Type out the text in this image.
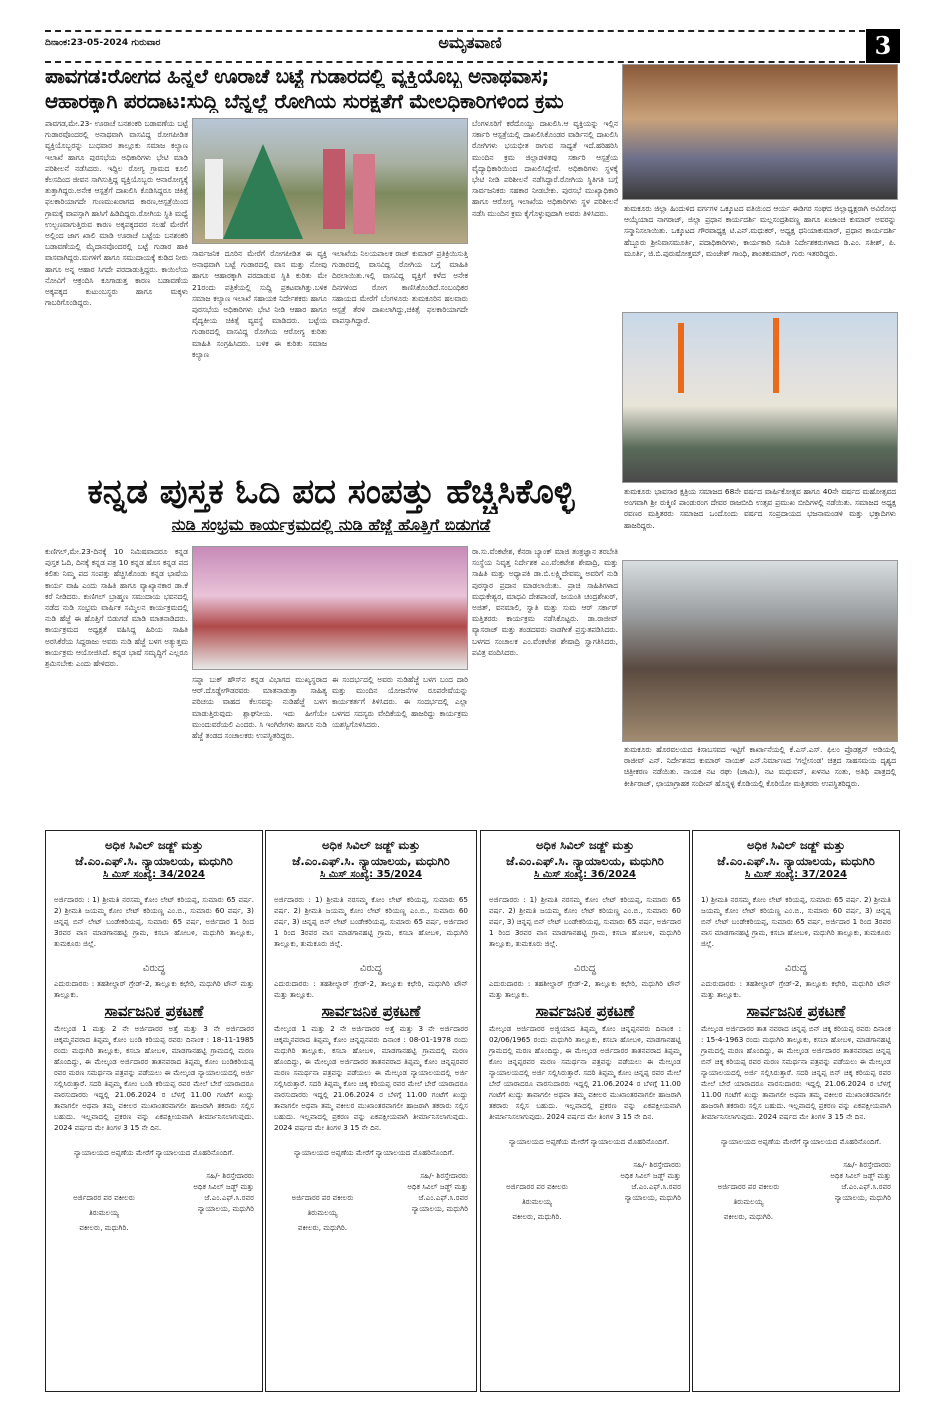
ದಿನಾಂಕ:23-05-2024 ಗುರುವಾರ	ಅಮೃತವಾಣಿ	3
ಪಾವಗಡ:ರೋಗದ ಹಿನ್ನಲೆ ಊರಾಚೆ ಬಟ್ಟೆ ಗುಡಾರದಲ್ಲಿ ವ್ಯಕ್ತಿಯೊಬ್ಬ ಅನಾಥವಾಸ;
ಆಹಾರಕ್ಕಾಗಿ ಪರದಾಟ:ಸುದ್ದಿ ಬೆನ್ನಲ್ಲೆ ರೋಗಿಯ ಸುರಕ್ಷತೆಗೆ ಮೇಲಧಿಕಾರಿಗಳಿಂದ ಕ್ರಮ
ಪಾವಗಡ,ಮೇ.23- ಊರಾಚೆ ಬನಶಂಕರಿ ಬಡಾವಣೆಯ ಬಟ್ಟೆ ಗುಡಾರವೊಂದರಲ್ಲಿ ಅನಾಥವಾಗಿ ವಾಸವಿದ್ದ ರೋಗಪೀಡಿತ ವ್ಯಕ್ತಿಯೊಬ್ಬರನ್ನು ಬುಧವಾರ ತಾಲ್ಲೂಕು ಸಮಾಜ ಕಲ್ಯಾಣ ಇಲಾಖೆ ಹಾಗೂ ಪುರಸಭೆಯ ಅಧಿಕಾರಿಗಳು ಭೇಟಿ ಮಾಡಿ ಪರಿಶೀಲನೆ ನಡೆಸಿದರು. ಇದ್ದಿಲ ರೋಗ್ಯ ಗ್ರಾಮದ ಕೂಲಿ ಕೆಲಸದಿಂದ ಜೀವನ ಸಾಗಿಸುತ್ತಿದ್ದ ವ್ಯಕ್ತಿಯೊಬ್ಬರು ಆನಾರೋಗ್ಯಕ್ಕೆ ತುತ್ತಾಗಿದ್ದರು.ಅನೇಕ ಆಸ್ಪತ್ರೆಗೆ ದಾಖಲಿಸಿ ಕೊಡಿಸಿದ್ದರೂ ಚಿಕಿತ್ಸೆ ಫಲಕಾರಿಯಾಗದೇ ಗುಣಮುಖರಾಗದ ಕಾರಣ,ಆಸ್ಪತ್ರೆಯಿಂದ ಗ್ರಾಮಕ್ಕೆ ವಾಪಸ್ಸಾಗಿ ಹಾಸಿಗೆ ಹಿಡಿದಿದ್ದರು.ರೋಗಿಯ ಸ್ಥಿತಿ ಮಧ್ಯೆ ಉಲ್ಬಣವಾಗುತ್ತಿರುವ ಕಾರಣ ಅಕ್ಕಪಕ್ಕದವರ ಸಲಹೆ ಮೇರೆಗೆ ಅಲ್ಲಿಂದ ಜಾಗ ಖಾಲಿ ಮಾಡಿ ಊರಾಚೆ ಬಟ್ಟೆಯ ಬನಶಂಕರಿ ಬಡಾವಣೆಯಲ್ಲಿ ಮೈದಾನವೊಂದರಲ್ಲಿ ಬಟ್ಟೆ ಗುಡಾರ ಹಾಕಿ ವಾಸವಾಗಿದ್ದರು.ಮಗಳಿಗೆ ಹಾಗೂ ಸಮುದಾಯಕ್ಕೆ ಕುಡಿದ ನೀರು ಹಾಗೂ ಅನ್ನ ಆಹಾರ ಸಿಗದೇ ಪರದಾಡುತ್ತಿದ್ದರು. ಕಾಯಿಲೆಯ ನೋವಿಗೆ ಆಕ್ರಂದಿಸಿ ಕೂಗಾಡುತ್ತ ಕಾರಣ ಬಡಾವಣೆಯ ಅಕ್ಕಪಕ್ಕದ ಕುಟುಂಬಸ್ಥರು ಹಾಗೂ ಮಕ್ಕಳು ಗಾಬರಿಗೊಂಡಿದ್ದರು.
ಸಾರ್ವಜನಿಕ ದೂರಿನ ಮೇರೆಗೆ ರೋಗಪೀಡಿತ ಈ ವ್ಯಕ್ತಿ ಅನಾಥವಾಗಿ ಬಟ್ಟೆ ಗುಡಾರದಲ್ಲಿ ವಾಸ ಮತ್ತು ನೋವು ಹಾಗೂ ಆಹಾರಕ್ಕಾಗಿ ಪರದಾಡುವ ಸ್ಥಿತಿ ಕುರಿತು ಮೇ 21ರಂದು ಪತ್ರಿಕೆಯಲ್ಲಿ ಸುದ್ದಿ ಪ್ರಕಟವಾಗಿತ್ತು.ಬಳಿಕ ಸಮಾಜ ಕಲ್ಯಾಣ ಇಲಾಖೆ ಸಹಾಯಕ ನಿರ್ದೇಶಕರು ಹಾಗೂ ಪುರಸಭೆಯ ಅಧಿಕಾರಿಗಳು ಭೇಟಿ ನೀಡಿ ಆಹಾರ ಹಾಗೂ ವೈದ್ಯಕೀಯ ಚಿಕಿತ್ಸೆ ವ್ಯವಸ್ಥೆ ಮಾಡಿದರು. ಬಟ್ಟೆಯ ಗುಡಾರದಲ್ಲಿ ವಾಸವಿದ್ದ ರೋಗಿಯ ಆರೋಗ್ಯ ಕುರಿತು ಮಾಹಿತಿ ಸಂಗ್ರಹಿಸಿದರು. ಬಳಿಕ ಈ ಕುರಿತು ಸಮಾಜ ಕಲ್ಯಾಣ
ಇಲಾಖೆಯ ನಿಲಯಪಾಲಕ ರಾಜ್ ಕುಮಾರ್ ಪ್ರತಿಕ್ರಿಯಿಸುತ್ತಿ ಗುಡಾರದಲ್ಲಿ ವಾಸವಿದ್ದ ರೋಗಿಯ ಬಗ್ಗೆ ಮಾಹಿತಿ ದಿರಲಾಯಿತು.ಇಲ್ಲಿ ವಾಸವಿದ್ದ ವ್ಯಕ್ತಿಗೆ ಕಳೆದ ಅನೇಕ ದಿನಗಳಿಂದ ರೋಗ ಕಾಣಿಸಿಕೊಂಡಿದೆ.ಸಂಬಂಧಿಕರ ಸಹಾಯದ ಮೇರೆಗೆ ಬೆಂಗಳೂರು ತುಮಕೂರಿನ ಹಲವಾರು ಆಸ್ಪತ್ರೆ ತೆರಳಿ ದಾಖಲಾಗಿದ್ದು,ಚಿಕಿತ್ಸೆ ಫಲಕಾರಿಯಾಗದೇ ವಾಪಸ್ಸಾಗಿದ್ದಾರೆ.
ಬೆಂಗಳೂರಿಗೆ ಕರೆದೊಯ್ದು ದಾಖಲಿಸಿ.ಆ ವ್ಯಕ್ತಿಯನ್ನು ಇಲ್ಲಿನ ಸರ್ಕಾರಿ ಆಸ್ಪತ್ರೆಯಲ್ಲಿ ದಾಖಲಿಸಿಕೊಂಡರ ವಾರ್ಡಿನಲ್ಲಿ ದಾಖಲಿಸಿ ರೋಗಿಗಳು ಭಯಭೀತ ರಾಗುವ ಸಾಧ್ಯತೆ ಇದೆ.ಹರಿಹರಿಸಿ ಮುಂದಿನ ಕ್ರಮ ಜಿಲ್ಲಾಡಳಿತವು ಸರ್ಕಾರಿ ಆಸ್ಪತ್ರೆಯ ವೈದ್ಯಾಧಿಕಾರಿಯಿಂದ ದಾಖಲಿಸಿದ್ದೇವೆ. ಅಧಿಕಾರಿಗಳು ಸ್ಥಳಕ್ಕೆ ಭೇಟಿ ನೀಡಿ ಪರಿಶೀಲನೆ ನಡೆಸಿದ್ದಾರೆ.ರೋಗಿಯ ಸ್ಥಿತಿಗತಿ ಬಗ್ಗೆ ಸಾರ್ವಜನಿಕರು ಸಹಕಾರ ನೀಡಬೇಕು. ಪುರಸಭೆ ಮುಖ್ಯಾಧಿಕಾರಿ ಹಾಗೂ ಆರೋಗ್ಯ ಇಲಾಖೆಯ ಅಧಿಕಾರಿಗಳು ಸ್ಥಳ ಪರಿಶೀಲನೆ ನಡೆಸಿ ಮುಂದಿನ ಕ್ರಮ ಕೈಗೊಳ್ಳುವುದಾಗಿ ಅವರು ತಿಳಿಸಿದರು.
ತುಮಕೂರು ಜಿಲ್ಲಾ ಹಿಂದುಳಿದ ವರ್ಗಗಳ ಒಕ್ಕೂಟದ ವತಿಯಿಂದ ಆರ್ಯ ಈಡಿಗರ ಸಂಘದ ಜಿಲ್ಲಾಧ್ಯಕ್ಷರಾಗಿ ಅವಿರೋಧ ಆಯ್ಕೆಯಾದ ನಾಗರಾಜ್, ಜಿಲ್ಲಾ ಪ್ರಧಾನ ಕಾರ್ಯದರ್ಶಿ ಮಲ್ಲಸಂದ್ರಶಿವಣ್ಣ ಹಾಗೂ ಖಜಾಂಚಿ ಕುಮಾರ್ ಅವರನ್ನು ಸನ್ಮಾನಿಸಲಾಯಿತು. ಒಕ್ಕೂಟದ ಗೌರವಾಧ್ಯಕ್ಷ ಟಿ.ಎನ್.ಮಧುಕರ್, ಅಧ್ಯಕ್ಷ ಧನಿಯಾಕುಮಾರ್, ಪ್ರಧಾನ ಕಾರ್ಯದರ್ಶಿ ಹೆಬ್ಬೂರು ಶ್ರೀನಿವಾಸಮೂರ್ತಿ, ಪದಾಧಿಕಾರಿಗಳು, ಕಾರ್ಯಕಾರಿ ಸಮಿತಿ ನಿರ್ದೇಶಕರುಗಳಾದ ಡಿ.ಎಂ. ಸತೀಶ್, ಪಿ. ಮೂರ್ತಿ, ಜಿ.ಬಿ.ಪುರುಷೋತ್ತಮ್, ಮಂಜೇಶ್ ಗಾಂಧಿ, ಶಾಂತಕುಮಾರ್, ಗುರು ಇತರರಿದ್ದರು.
ತುಮಕೂರು ಭಾವಸಾರ ಕ್ಷತ್ರಿಯ ಸಮಾಜದ 68ನೇ ವರ್ಷದ ವಾರ್ಷಿಕೋತ್ಸವ ಹಾಗೂ 40ನೇ ವರ್ಷದ ಮಹೋತ್ಸವದ ಅಂಗವಾಗಿ ಶ್ರೀ ರುಕ್ಮಿಣಿ ಪಾಂಡುರಂಗ ದೇವರ ರಾಜಬೀದಿ ಉತ್ಸವ ಪ್ರಮುಖ ಬೀದಿಗಳಲ್ಲಿ ನಡೆಯಿತು. ಸಮಾಜದ ಅಧ್ಯಕ್ಷ ರವಣರ ಮತ್ತಿತರರು ಸಮಾಜದ ಒಂದೊಂದು ವರ್ಷದ ಸಂಪ್ರದಾಯದ ಭಜನಾಮಂಡಳಿ ಮತ್ತು ಭಕ್ತಾದಿಗಳು ಹಾಜರಿದ್ದರು.
ತುಮಕೂರು ಹೊರವಲಯದ ಕಿಸಾಬಸವದ ಇಟ್ಟಿಗೆ ಕಾರ್ಖಾನೆಯಲ್ಲಿ ಕೆ.ಎಸ್.ಎಸ್. ಫಿಲಂ ಪ್ರೊಡಕ್ಷನ್ ಅಡಿಯಲ್ಲಿ ರಾಜೀವ್ ಎನ್. ನಿರ್ದೇಶನದ ಕುಮಾರ್ ನಾಯಕ್ ಎನ್.ನಿರ್ಮಾಣದ 'ಗಲ್ಲೇಸಂಡ' ಚಿತ್ರದ ಸಾಹಸಮಯ ದೃಶ್ಯದ ಚಿತ್ರೀಕರಣ ನಡೆಯಿತು. ನಾಯಕ ನಟ ರಘು (ಜಾಮಿ), ನಟ ಮಧುವನ್, ಖಳನಟ ಸಂತು, ಅತಿಥಿ ಪಾತ್ರದಲ್ಲಿ ಕೀರ್ತಿರಾಜ್, ಛಾಯಾಗ್ರಾಹಕ ಸಂದೀಪ್ ಹೊನ್ನಳ್ಳಿ ಕೊಡಿಯಲ್ಲಿ ಕೊರಿಯೋ ಮತ್ತಿತರರು ಉಪಸ್ಥಿತರಿದ್ದರು.
ಕನ್ನಡ ಪುಸ್ತಕ ಓದಿ ಪದ ಸಂಪತ್ತು ಹೆಚ್ಚಿಸಿಕೊಳ್ಳಿ
ನುಡಿ ಸಂಭ್ರಮ ಕಾರ್ಯಕ್ರಮದಲ್ಲಿ ನುಡಿ ಹೆಜ್ಜೆ ಹೊತ್ತಿಗೆ ಬಿಡುಗಡೆ
ಕುಣಿಗಲ್,ಮೇ.23-ದಿನಕ್ಕೆ 10 ನಿಮಿಷವಾದರೂ ಕನ್ನಡ ಪುಸ್ತಕ ಓದಿ, ದಿನಕ್ಕೆ ಕನ್ನಡ ಪತ್ರ 10 ಕನ್ನಡ ಹೊಸ ಕನ್ನಡ ಪದ ಕಲಿತು ನಿಮ್ಮ ಪದ ಸಂಪತ್ತು ಹೆಚ್ಚಿಸಿಕೊಂಡು ಕನ್ನಡ ಭಾಷೆಯ ಕಾರ್ಯ ವಾಹಿ ಎಂದು ಸಾಹಿತಿ ಹಾಗೂ ವ್ಯಾಖ್ಯಾನಕಾರ ಡಾ.ಕೆ ಕರೆ ನೀಡಿದರು. ಕುಣಿಗಲ್ ಬ್ರಾಹ್ಮಣ ಸಮುದಾಯ ಭವನದಲ್ಲಿ ನಡೆದ ನುಡಿ ಸಂಭ್ರಮ ವಾರ್ಷಿಕ ಸಮ್ಮಿಲನ ಕಾರ್ಯಕ್ರಮದಲ್ಲಿ ನುಡಿ ಹೆಜ್ಜೆ ಈ ಹೊತ್ತಿಗೆ ಬಿಡುಗಡೆ ಮಾಡಿ ಮಾತನಾಡಿದರು. ಕಾರ್ಯಕ್ರಮದ ಅಧ್ಯಕ್ಷತೆ ವಹಿಸಿದ್ದ ಹಿರಿಯ ಸಾಹಿತಿ ಅರಸಿಕೆರೆಯ ಸಿದ್ದರಾಜು ಅವರು ನುಡಿ ಹೆಜ್ಜೆ ಬಳಗ ಅತ್ಯುತ್ತಮ ಕಾರ್ಯಕ್ರಮ ಆಯೋಜಿಸಿದೆ. ಕನ್ನಡ ಭಾಷೆ ಸಮೃದ್ಧಿಗೆ ಎಲ್ಲರೂ ಶ್ರಮಿಸಬೇಕು ಎಂದು ಹೇಳಿದರು.
ಸಪ್ನಾ ಬುಕ್ ಹೌಸ್‌ನ ಕನ್ನಡ ವಿಭಾಗದ ಮುಖ್ಯಸ್ಥರಾದ ಆರ್.ದೊಡ್ಡೇಗೌಡರವರು ಮಾತನಾಡುತ್ತಾ ಸಾಹಿತ್ಯ ಪರಿಚಯ ವಾಹದ ಕೆಲಸವನ್ನು ನುಡಿಹೆಜ್ಜೆ ಬಳಗ ಮಾಡುತ್ತಿರುವುದು ಶ್ಲಾಘನೀಯ. ಇದು ಹೀಗೆಯೇ ಮುಂದುವರೆಯಲಿ ಎಂದರು. ಸಿ ಇಂಗಿರೇಗಳು ಹಾಗೂ ನುಡಿ ಹೆಜ್ಜೆ ತಂಡದ ಸಂಚಾಲಕರು ಉಪಸ್ಥಿತರಿದ್ದರು.
ಈ ಸಂದರ್ಭದಲ್ಲಿ ಅವರು ನುಡಿಹೆಜ್ಜೆ ಬಳಗ ಬಂದ ದಾರಿ ಮತ್ತು ಮುಂದಿನ ಯೋಜನೆಗಳ ರೂಪರೇಷೆಯನ್ನು ಕಾರ್ಯಕರ್ತಗೆ ತಿಳಿಸಿದರು. ಈ ಸಂದರ್ಭದಲ್ಲಿ ಎಲ್ಲಾ ಬಳಗದ ಸದಸ್ಯರು ವೇದಿಕೆಯಲ್ಲಿ ಹಾಜರಿದ್ದು ಕಾರ್ಯಕ್ರಮ ಯಶಸ್ವಿಗೊಳಿಸಿದರು.
ರಾ.ಸು.ವೆಂಕಟೇಶ, ಕೆನರಾ ಬ್ಯಾಂಕ್ ಮಾಜಿ ತಂತ್ರಜ್ಞಾನ ತರಬೇತಿ ಸಂಸ್ಥೆಯ ನಿವೃತ್ತ ನಿರ್ದೇಶಕ ಎಂ.ವೆಂಕಟೇಶ ಶೇಷಾದ್ರಿ, ಮತ್ತು ಸಾಹಿತಿ ಮತ್ತು ಅಧ್ಯಾಪಕಿ ಡಾ.ಬಿ.ಲಕ್ಷ್ಮಿದೇವಮ್ಮ ಅವರಿಗೆ ನುಡಿ ಪುರಸ್ಕಾರ ಪ್ರದಾನ ಮಾಡಲಾಯಿತು. ಪ್ರಾಚಿ ಸಾಹಿತಿಗಳಾದ ಮಧುಕೇಶ್ವರ, ಮಾಧವಿ ದೇಶಪಾಂಡೆ, ಜಯಂತಿ ಚಂದ್ರಶೇಖರ್, ಅಜಿತ್, ವನಮಾಲಿ, ಸ್ವಾತಿ ಮತ್ತು ಸುಮ ಆರ್ ಸರ್ಕಾರ್ ಮತ್ತಿತರರು ಕಾರ್ಯಕ್ರಮ ನಡೆಸಿಕೊಟ್ಟರು. ಡಾ.ರಾಜೀವ್ ವ್ಯಾಸರಾಜ್ ಮತ್ತು ತಂಡದವರು ನಾಡಗೀತೆ ಪ್ರಸ್ತುತಪಡಿಸಿದರು. ಬಳಗದ ಸಂಚಾಲಕ ಎಂ.ವೆಂಕಟೇಶ ಶೇಷಾದ್ರಿ ಸ್ವಾಗತಿಸಿದರು, ಪವಿತ್ರ ವಂದಿಸಿದರು.
ಅಧಿಕ ಸಿವಿಲ್ ಜಡ್ಜ್ ಮತ್ತು
ಜೆ.ಎಂ.ಎಫ್.ಸಿ. ನ್ಯಾಯಾಲಯ, ಮಧುಗಿರಿ
ಸಿ ಮಿಸ್ ಸಂಖ್ಯೆ: 34/2024
ಅರ್ಜಿದಾರರು : 1) ಶ್ರೀಮತಿ ನರಸಮ್ಮ ಕೋಂ ಲೇಟ್ ಕರಿಯಪ್ಪ, ಸುಮಾರು 65 ವರ್ಷ. 2) ಶ್ರೀಮತಿ ಜಯಮ್ಮ ಕೋಂ ಲೇಟ್ ಕರಿಯಣ್ಣ ಎಂ.ಬಿ., ಸುಮಾರು 60 ವರ್ಷ, 3) ಚಿನ್ನಪ್ಪ ಬಿನ್ ಲೇಟ್ ಬಂಡೇಕರಿಯಪ್ಪ, ಸುಮಾರು 65 ವರ್ಷ, ಅರ್ಜಿದಾರ 1 ರಿಂದ 3ರವರ ವಾಸ ಮಾಡಗಾನಹಟ್ಟಿ ಗ್ರಾಮ, ಕಸಬಾ ಹೋಬಳಿ, ಮಧುಗಿರಿ ತಾಲ್ಲೂಕು, ತುಮಕೂರು ಜಿಲ್ಲೆ.
ವಿರುದ್ಧ
ಎದುರುದಾರರು : ತಹಶೀಲ್ದಾರ್ ಗ್ರೇಡ್-2, ತಾಲ್ಲೂಕು ಕಛೇರಿ, ಮಧುಗಿರಿ ಟೌನ್ ಮತ್ತು ತಾಲ್ಲೂಕು.
ಸಾರ್ವಜನಿಕ ಪ್ರಕಟಣೆ
ಮೇಲ್ಕಂಡ 1 ಮತ್ತು 2 ನೇ ಅರ್ಜಿದಾರರ ಅತ್ತೆ ಮತ್ತು 3 ನೇ ಅರ್ಜಿದಾರರ ಚಿಕ್ಕಮ್ಮನವರಾದ ತಿಪ್ಪಮ್ಮ ಕೋಂ ಬಂಡಿ ಕರಿಯಪ್ಪ ರವರು ದಿನಾಂಕ : 18-11-1985 ರಂದು ಮಧುಗಿರಿ ತಾಲ್ಲೂಕು, ಕಸಬಾ ಹೋಬಳಿ, ಮಾಡಗಾನಹಟ್ಟಿ ಗ್ರಾಮದಲ್ಲಿ ಮರಣ ಹೊಂದಿದ್ದು, ಈ ಮೇಲ್ಕಂಡ ಅರ್ಜಿದಾರರ ತಾತನವರಾದ ತಿಪ್ಪಮ್ಮ ಕೋಂ ಬಂಡಿಕರಿಯಪ್ಪ ರವರ ಮರಣ ಸಮರ್ಥನಾ ಪತ್ರವನ್ನು ಪಡೆಯಲು ಈ ಮೇಲ್ಕಂಡ ನ್ಯಾಯಾಲಯದಲ್ಲಿ ಅರ್ಜಿ ಸಲ್ಲಿಸಿರುತ್ತಾರೆ. ಸದರಿ ತಿಪ್ಪಮ್ಮ ಕೋಂ ಬಂಡಿ ಕರಿಯಪ್ಪ ರವರ ಮೇಲೆ ಬೇರೆ ಯಾರಾದರೂ ವಾರಸುದಾರರು ಇದ್ದಲ್ಲಿ 21.06.2024 ರ ಬೆಳಗ್ಗೆ 11.00 ಗಂಟೆಗೆ ಖುದ್ದು ತಾವಾಗಲೀ ಅಥವಾ ತಮ್ಮ ವಕೀಲರ ಮುಖಾಂತರವಾಗಲೀ ಹಾಜರಾಗಿ ತಕರಾರು ಸಲ್ಲಿಸ ಬಹುದು. ಇಲ್ಲವಾದಲ್ಲಿ ಪ್ರಕರಣ ವನ್ನು ಏಕಪಕ್ಷೀಯವಾಗಿ ತೀರ್ಮಾನಿಸಲಾಗುವುದು. 2024 ವರ್ಷದ ಮೇ ತಿಂಗಳ 3 15 ನೇ ದಿನ.
ನ್ಯಾಯಾಲಯದ ಅಪ್ಪಣೆಯ ಮೇರೆಗೆ ನ್ಯಾಯಾಲಯದ ಮೊಹರಿನೊಂದಿಗೆ.
ಸಹಿ/- ಶಿರಸ್ತೇದಾರರು
ಅಧಿಕ ಸಿವಿಲ್ ಜಡ್ಜ್ ಮತ್ತು
ಜೆ.ಎಂ.ಎಫ್.ಸಿ.ರವರ
ನ್ಯಾಯಾಲಯ, ಮಧುಗಿರಿ
ಅರ್ಜಿದಾರರ ಪರ ವಕೀಲರು
ತಿರುಮಲಯ್ಯ
ವಕೀಲರು, ಮಧುಗಿರಿ.
ಅಧಿಕ ಸಿವಿಲ್ ಜಡ್ಜ್ ಮತ್ತು
ಜೆ.ಎಂ.ಎಫ್.ಸಿ. ನ್ಯಾಯಾಲಯ, ಮಧುಗಿರಿ
ಸಿ ಮಿಸ್ ಸಂಖ್ಯೆ: 35/2024
ಅರ್ಜಿದಾರರು : 1) ಶ್ರೀಮತಿ ನರಸಮ್ಮ ಕೋಂ ಲೇಟ್ ಕರಿಯಪ್ಪ, ಸುಮಾರು 65 ವರ್ಷ. 2) ಶ್ರೀಮತಿ ಜಯಮ್ಮ ಕೋಂ ಲೇಟ್ ಕರಿಯಣ್ಣ ಎಂ.ಬಿ., ಸುಮಾರು 60 ವರ್ಷ, 3) ಚಿನ್ನಪ್ಪ ಬಿನ್ ಲೇಟ್ ಬಂಡೇಕರಿಯಪ್ಪ, ಸುಮಾರು 65 ವರ್ಷ, ಅರ್ಜಿದಾರ 1 ರಿಂದ 3ರವರ ವಾಸ ಮಾಡಗಾನಹಟ್ಟಿ ಗ್ರಾಮ, ಕಸಬಾ ಹೋಬಳಿ, ಮಧುಗಿರಿ ತಾಲ್ಲೂಕು, ತುಮಕೂರು ಜಿಲ್ಲೆ.
ವಿರುದ್ಧ
ಎದುರುದಾರರು : ತಹಶೀಲ್ದಾರ್ ಗ್ರೇಡ್-2, ತಾಲ್ಲೂಕು ಕಛೇರಿ, ಮಧುಗಿರಿ ಟೌನ್ ಮತ್ತು ತಾಲ್ಲೂಕು.
ಸಾರ್ವಜನಿಕ ಪ್ರಕಟಣೆ
ಮೇಲ್ಕಂಡ 1 ಮತ್ತು 2 ನೇ ಅರ್ಜಿದಾರರ ಅತ್ತೆ ಮತ್ತು 3 ನೇ ಅರ್ಜಿದಾರರ ಚಿಕ್ಕಮ್ಮನವರಾದ ತಿಪ್ಪಮ್ಮ ಕೋಂ ಚಿನ್ನಪ್ಪನವರು ದಿನಾಂಕ : 08-01-1978 ರಂದು ಮಧುಗಿರಿ ತಾಲ್ಲೂಕು, ಕಸಬಾ ಹೋಬಳಿ, ಮಾಡಗಾನಹಟ್ಟಿ ಗ್ರಾಮದಲ್ಲಿ ಮರಣ ಹೊಂದಿದ್ದು, ಈ ಮೇಲ್ಕಂಡ ಅರ್ಜಿದಾರರ ತಾತನವರಾದ ತಿಪ್ಪಮ್ಮ ಕೋಂ ಚಿನ್ನಪ್ಪರವರ ಮರಣ ಸಮರ್ಥನಾ ಪತ್ರವನ್ನು ಪಡೆಯಲು ಈ ಮೇಲ್ಕಂಡ ನ್ಯಾಯಾಲಯದಲ್ಲಿ ಅರ್ಜಿ ಸಲ್ಲಿಸಿರುತ್ತಾರೆ. ಸದರಿ ತಿಪ್ಪಮ್ಮ ಕೋಂ ಚಿಕ್ಕ ಕರಿಯಪ್ಪ ರವರ ಮೇಲೆ ಬೇರೆ ಯಾರಾದರೂ ವಾರಸುದಾರರು ಇದ್ದಲ್ಲಿ 21.06.2024 ರ ಬೆಳಗ್ಗೆ 11.00 ಗಂಟೆಗೆ ಖುದ್ದು ತಾವಾಗಲೀ ಅಥವಾ ತಮ್ಮ ವಕೀಲರ ಮುಖಾಂತರವಾಗಲೀ ಹಾಜರಾಗಿ ತಕರಾರು ಸಲ್ಲಿಸ ಬಹುದು. ಇಲ್ಲವಾದಲ್ಲಿ ಪ್ರಕರಣ ವನ್ನು ಏಕಪಕ್ಷೀಯವಾಗಿ ತೀರ್ಮಾನಿಸಲಾಗುವುದು. 2024 ವರ್ಷದ ಮೇ ತಿಂಗಳ 3 15 ನೇ ದಿನ.
ನ್ಯಾಯಾಲಯದ ಅಪ್ಪಣೆಯ ಮೇರೆಗೆ ನ್ಯಾಯಾಲಯದ ಮೊಹರಿನೊಂದಿಗೆ.
ಸಹಿ/- ಶಿರಸ್ತೇದಾರರು
ಅಧಿಕ ಸಿವಿಲ್ ಜಡ್ಜ್ ಮತ್ತು
ಜೆ.ಎಂ.ಎಫ್.ಸಿ.ರವರ
ನ್ಯಾಯಾಲಯ, ಮಧುಗಿರಿ
ಅರ್ಜಿದಾರರ ಪರ ವಕೀಲರು
ತಿರುಮಲಯ್ಯ
ವಕೀಲರು, ಮಧುಗಿರಿ.
ಅಧಿಕ ಸಿವಿಲ್ ಜಡ್ಜ್ ಮತ್ತು
ಜೆ.ಎಂ.ಎಫ್.ಸಿ. ನ್ಯಾಯಾಲಯ, ಮಧುಗಿರಿ
ಸಿ ಮಿಸ್ ಸಂಖ್ಯೆ: 36/2024
ಅರ್ಜಿದಾರರು : 1) ಶ್ರೀಮತಿ ನರಸಮ್ಮ ಕೋಂ ಲೇಟ್ ಕರಿಯಪ್ಪ, ಸುಮಾರು 65 ವರ್ಷ. 2) ಶ್ರೀಮತಿ ಜಯಮ್ಮ ಕೋಂ ಲೇಟ್ ಕರಿಯಣ್ಣ ಎಂ.ಬಿ., ಸುಮಾರು 60 ವರ್ಷ, 3) ಚಿನ್ನಪ್ಪ ಬಿನ್ ಲೇಟ್ ಬಂಡೇಕರಿಯಪ್ಪ, ಸುಮಾರು 65 ವರ್ಷ, ಅರ್ಜಿದಾರ 1 ರಿಂದ 3ರವರ ವಾಸ ಮಾಡಗಾನಹಟ್ಟಿ ಗ್ರಾಮ, ಕಸಬಾ ಹೋಬಳಿ, ಮಧುಗಿರಿ ತಾಲ್ಲೂಕು, ತುಮಕೂರು ಜಿಲ್ಲೆ.
ವಿರುದ್ಧ
ಎದುರುದಾರರು : ತಹಶೀಲ್ದಾರ್ ಗ್ರೇಡ್-2, ತಾಲ್ಲೂಕು ಕಛೇರಿ, ಮಧುಗಿರಿ ಟೌನ್ ಮತ್ತು ತಾಲ್ಲೂಕು.
ಸಾರ್ವಜನಿಕ ಪ್ರಕಟಣೆ
ಮೇಲ್ಕಂಡ ಅರ್ಜಿದಾರರ ಅಜ್ಜಿಯಾದ ತಿಪ್ಪಮ್ಮ ಕೋಂ ಚಿನ್ನಪ್ಪನವರು ದಿನಾಂಕ : 02/06/1965 ರಂದು ಮಧುಗಿರಿ ತಾಲ್ಲೂಕು, ಕಸಬಾ ಹೋಬಳಿ, ಮಾಡಗಾನಹಟ್ಟಿ ಗ್ರಾಮದಲ್ಲಿ ಮರಣ ಹೊಂದಿದ್ದು, ಈ ಮೇಲ್ಕಂಡ ಅರ್ಜಿದಾರರ ತಾತನವರಾದ ತಿಪ್ಪಮ್ಮ ಕೋಂ ಚಿನ್ನಪ್ಪರವರ ಮರಣ ಸಮರ್ಥನಾ ಪತ್ರವನ್ನು ಪಡೆಯಲು ಈ ಮೇಲ್ಕಂಡ ನ್ಯಾಯಾಲಯದಲ್ಲಿ ಅರ್ಜಿ ಸಲ್ಲಿಸಿರುತ್ತಾರೆ. ಸದರಿ ತಿಪ್ಪಮ್ಮ ಕೋಂ ಚಿನ್ನಪ್ಪ ರವರ ಮೇಲೆ ಬೇರೆ ಯಾರಾದರೂ ವಾರಸುದಾರರು ಇದ್ದಲ್ಲಿ 21.06.2024 ರ ಬೆಳಗ್ಗೆ 11.00 ಗಂಟೆಗೆ ಖುದ್ದು ತಾವಾಗಲೀ ಅಥವಾ ತಮ್ಮ ವಕೀಲರ ಮುಖಾಂತರವಾಗಲೀ ಹಾಜರಾಗಿ ತಕರಾರು ಸಲ್ಲಿಸ ಬಹುದು. ಇಲ್ಲವಾದಲ್ಲಿ ಪ್ರಕರಣ ವನ್ನು ಏಕಪಕ್ಷೀಯವಾಗಿ ತೀರ್ಮಾನಿಸಲಾಗುವುದು. 2024 ವರ್ಷದ ಮೇ ತಿಂಗಳ 3 15 ನೇ ದಿನ.
ನ್ಯಾಯಾಲಯದ ಅಪ್ಪಣೆಯ ಮೇರೆಗೆ ನ್ಯಾಯಾಲಯದ ಮೊಹರಿನೊಂದಿಗೆ.
ಸಹಿ/- ಶಿರಸ್ತೇದಾರರು
ಅಧಿಕ ಸಿವಿಲ್ ಜಡ್ಜ್ ಮತ್ತು
ಜೆ.ಎಂ.ಎಫ್.ಸಿ.ರವರ
ನ್ಯಾಯಾಲಯ, ಮಧುಗಿರಿ
ಅರ್ಜಿದಾರರ ಪರ ವಕೀಲರು
ತಿರುಮಲಯ್ಯ
ವಕೀಲರು, ಮಧುಗಿರಿ.
ಅಧಿಕ ಸಿವಿಲ್ ಜಡ್ಜ್ ಮತ್ತು
ಜೆ.ಎಂ.ಎಫ್.ಸಿ. ನ್ಯಾಯಾಲಯ, ಮಧುಗಿರಿ
ಸಿ ಮಿಸ್ ಸಂಖ್ಯೆ: 37/2024
1) ಶ್ರೀಮತಿ ನರಸಮ್ಮ ಕೋಂ ಲೇಟ್ ಕರಿಯಪ್ಪ, ಸುಮಾರು 65 ವರ್ಷ. 2) ಶ್ರೀಮತಿ ಜಯಮ್ಮ ಕೋಂ ಲೇಟ್ ಕರಿಯಣ್ಣ ಎಂ.ಬಿ., ಸುಮಾರು 60 ವರ್ಷ, 3) ಚಿನ್ನಪ್ಪ ಬಿನ್ ಲೇಟ್ ಬಂಡೇಕರಿಯಪ್ಪ, ಸುಮಾರು 65 ವರ್ಷ, ಅರ್ಜಿದಾರ 1 ರಿಂದ 3ರವರ ವಾಸ ಮಾಡಗಾನಹಟ್ಟಿ ಗ್ರಾಮ, ಕಸಬಾ ಹೋಬಳಿ, ಮಧುಗಿರಿ ತಾಲ್ಲೂಕು, ತುಮಕೂರು ಜಿಲ್ಲೆ.
ವಿರುದ್ಧ
ಎದುರುದಾರರು : ತಹಶೀಲ್ದಾರ್ ಗ್ರೇಡ್-2, ತಾಲ್ಲೂಕು ಕಛೇರಿ, ಮಧುಗಿರಿ ಟೌನ್ ಮತ್ತು ತಾಲ್ಲೂಕು.
ಸಾರ್ವಜನಿಕ ಪ್ರಕಟಣೆ
ಮೇಲ್ಕಂಡ ಅರ್ಜಿದಾರರ ತಾತ ನವರಾದ ಚಿನ್ನಪ್ಪ ಬಿನ್ ಚಿಕ್ಕ ಕರಿಯಪ್ಪ ರವರು ದಿನಾಂಕ : 15-4-1963 ರಂದು ಮಧುಗಿರಿ ತಾಲ್ಲೂಕು, ಕಸಬಾ ಹೋಬಳಿ, ಮಾಡಗಾನಹಟ್ಟಿ ಗ್ರಾಮದಲ್ಲಿ ಮರಣ ಹೊಂದಿದ್ದು, ಈ ಮೇಲ್ಕಂಡ ಅರ್ಜಿದಾರರ ತಾತನವರಾದ ಚಿನ್ನಪ್ಪ ಬಿನ್ ಚಿಕ್ಕ ಕರಿಯಪ್ಪ ರವರ ಮರಣ ಸಮರ್ಥನಾ ಪತ್ರವನ್ನು ಪಡೆಯಲು ಈ ಮೇಲ್ಕಂಡ ನ್ಯಾಯಾಲಯದಲ್ಲಿ ಅರ್ಜಿ ಸಲ್ಲಿಸಿರುತ್ತಾರೆ. ಸದರಿ ಚಿನ್ನಪ್ಪ ಬಿನ್ ಚಿಕ್ಕ ಕರಿಯಪ್ಪ ರವರ ಮೇಲೆ ಬೇರೆ ಯಾರಾದರೂ ವಾರಸುದಾರರು ಇದ್ದಲ್ಲಿ 21.06.2024 ರ ಬೆಳಗ್ಗೆ 11.00 ಗಂಟೆಗೆ ಖುದ್ದು ತಾವಾಗಲೀ ಅಥವಾ ತಮ್ಮ ವಕೀಲರ ಮುಖಾಂತರವಾಗಲೀ ಹಾಜರಾಗಿ ತಕರಾರು ಸಲ್ಲಿಸ ಬಹುದು. ಇಲ್ಲವಾದಲ್ಲಿ ಪ್ರಕರಣ ವನ್ನು ಏಕಪಕ್ಷೀಯವಾಗಿ ತೀರ್ಮಾನಿಸಲಾಗುವುದು. 2024 ವರ್ಷದ ಮೇ ತಿಂಗಳ 3 15 ನೇ ದಿನ.
ನ್ಯಾಯಾಲಯದ ಅಪ್ಪಣೆಯ ಮೇರೆಗೆ ನ್ಯಾಯಾಲಯದ ಮೊಹರಿನೊಂದಿಗೆ.
ಸಹಿ/- ಶಿರಸ್ತೇದಾರರು
ಅಧಿಕ ಸಿವಿಲ್ ಜಡ್ಜ್ ಮತ್ತು
ಜೆ.ಎಂ.ಎಫ್.ಸಿ.ರವರ
ನ್ಯಾಯಾಲಯ, ಮಧುಗಿರಿ
ಅರ್ಜಿದಾರರ ಪರ ವಕೀಲರು
ತಿರುಮಲಯ್ಯ
ವಕೀಲರು, ಮಧುಗಿರಿ.
